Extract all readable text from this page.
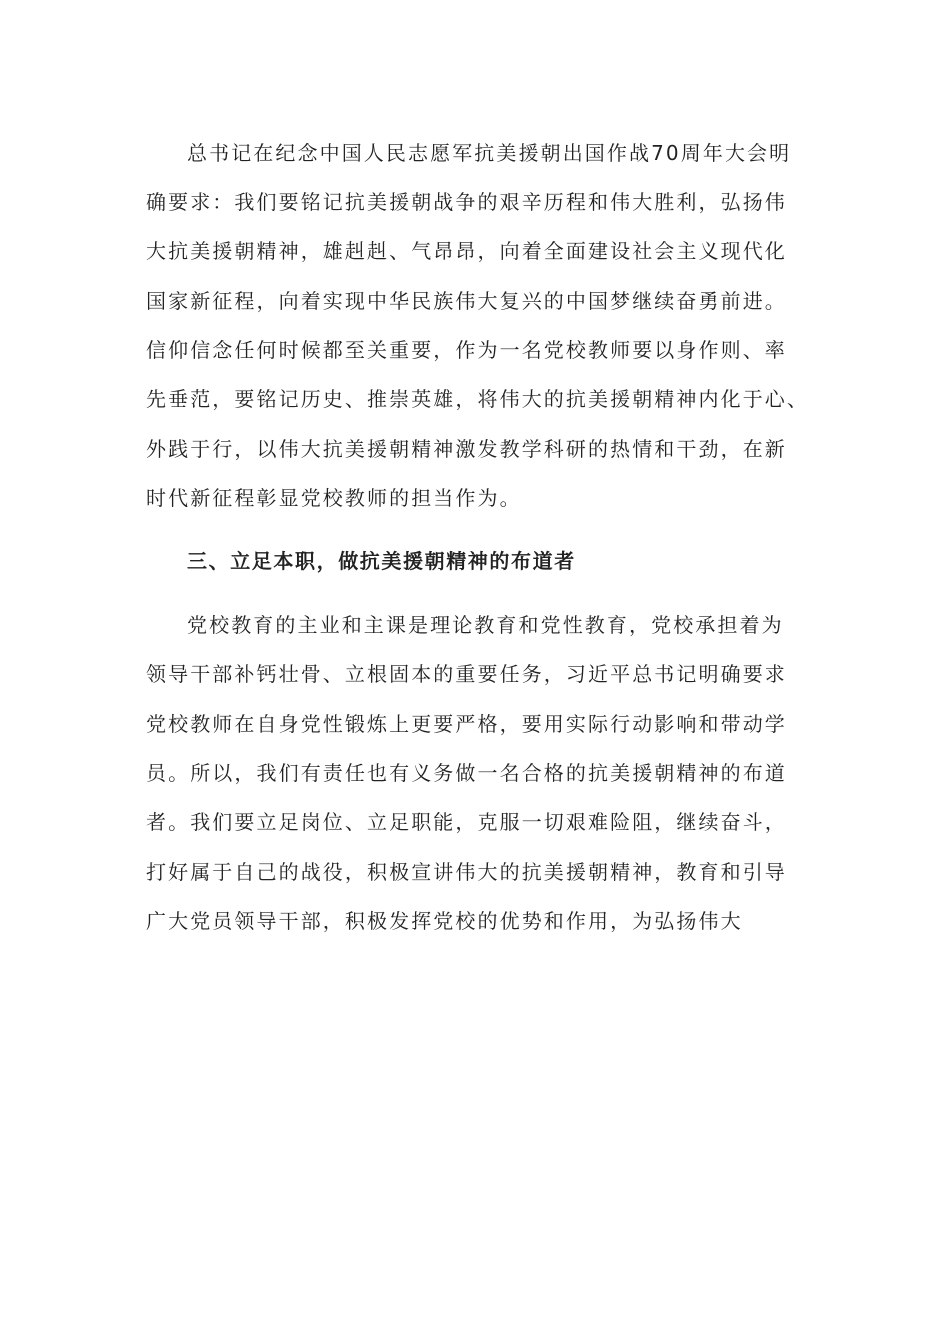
总书记在纪念中国人民志愿军抗美援朝出国作战70周年大会明
确要求：我们要铭记抗美援朝战争的艰辛历程和伟大胜利，弘扬伟
大抗美援朝精神，雄赳赳、气昂昂，向着全面建设社会主义现代化
国家新征程，向着实现中华民族伟大复兴的中国梦继续奋勇前进。
信仰信念任何时候都至关重要，作为一名党校教师要以身作则、率
先垂范，要铭记历史、推崇英雄，将伟大的抗美援朝精神内化于心、
外践于行，以伟大抗美援朝精神激发教学科研的热情和干劲，在新
时代新征程彰显党校教师的担当作为。
三、立足本职，做抗美援朝精神的布道者
党校教育的主业和主课是理论教育和党性教育，党校承担着为
领导干部补钙壮骨、立根固本的重要任务，习近平总书记明确要求
党校教师在自身党性锻炼上更要严格，要用实际行动影响和带动学
员。所以，我们有责任也有义务做一名合格的抗美援朝精神的布道
者。我们要立足岗位、立足职能，克服一切艰难险阻，继续奋斗，
打好属于自己的战役，积极宣讲伟大的抗美援朝精神，教育和引导
广大党员领导干部，积极发挥党校的优势和作用，为弘扬伟大
